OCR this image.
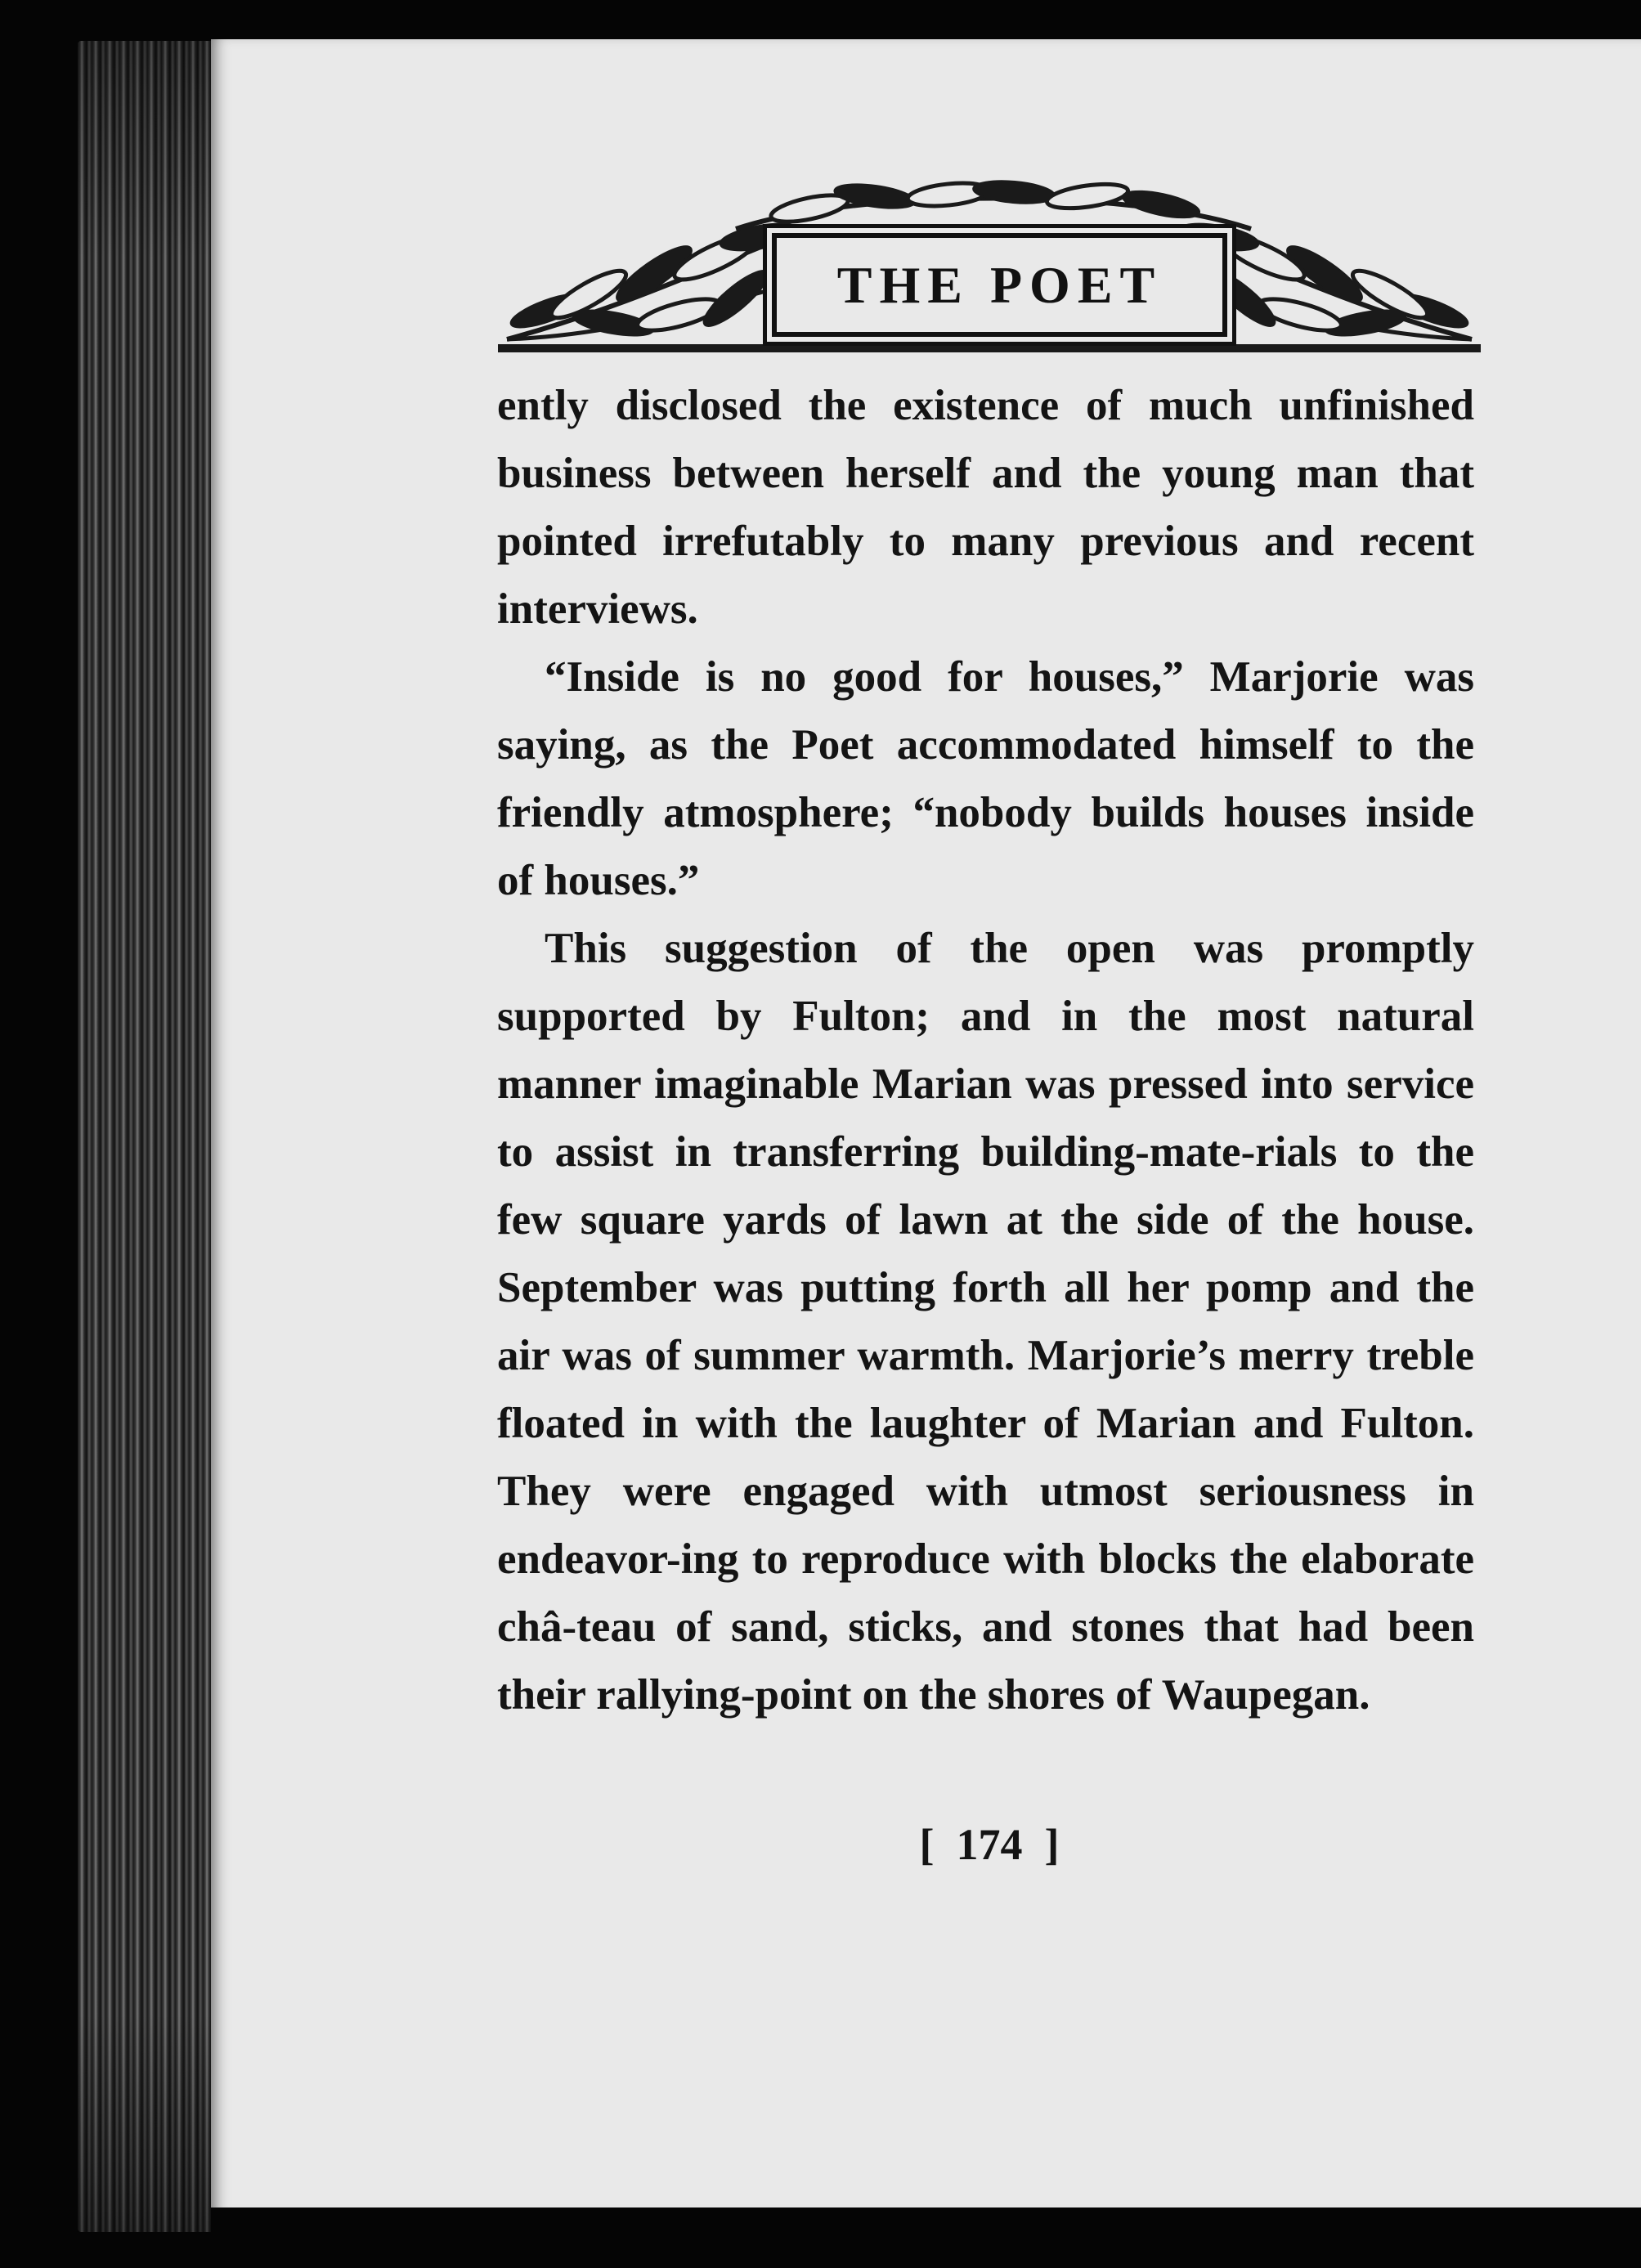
THE POET

ently disclosed the existence of much unfinished business between herself and the young man that pointed irrefutably to many previous and recent interviews.

“Inside is no good for houses,” Marjorie was saying, as the Poet accommodated himself to the friendly atmosphere; “nobody builds houses inside of houses.”

This suggestion of the open was promptly supported by Fulton; and in the most natural manner imaginable Marian was pressed into service to assist in transferring building-mate-rials to the few square yards of lawn at the side of the house. September was putting forth all her pomp and the air was of summer warmth. Marjorie’s merry treble floated in with the laughter of Marian and Fulton. They were engaged with utmost seriousness in endeavor-ing to reproduce with blocks the elaborate châ-teau of sand, sticks, and stones that had been their rallying-point on the shores of Waupegan.

[  174  ]
